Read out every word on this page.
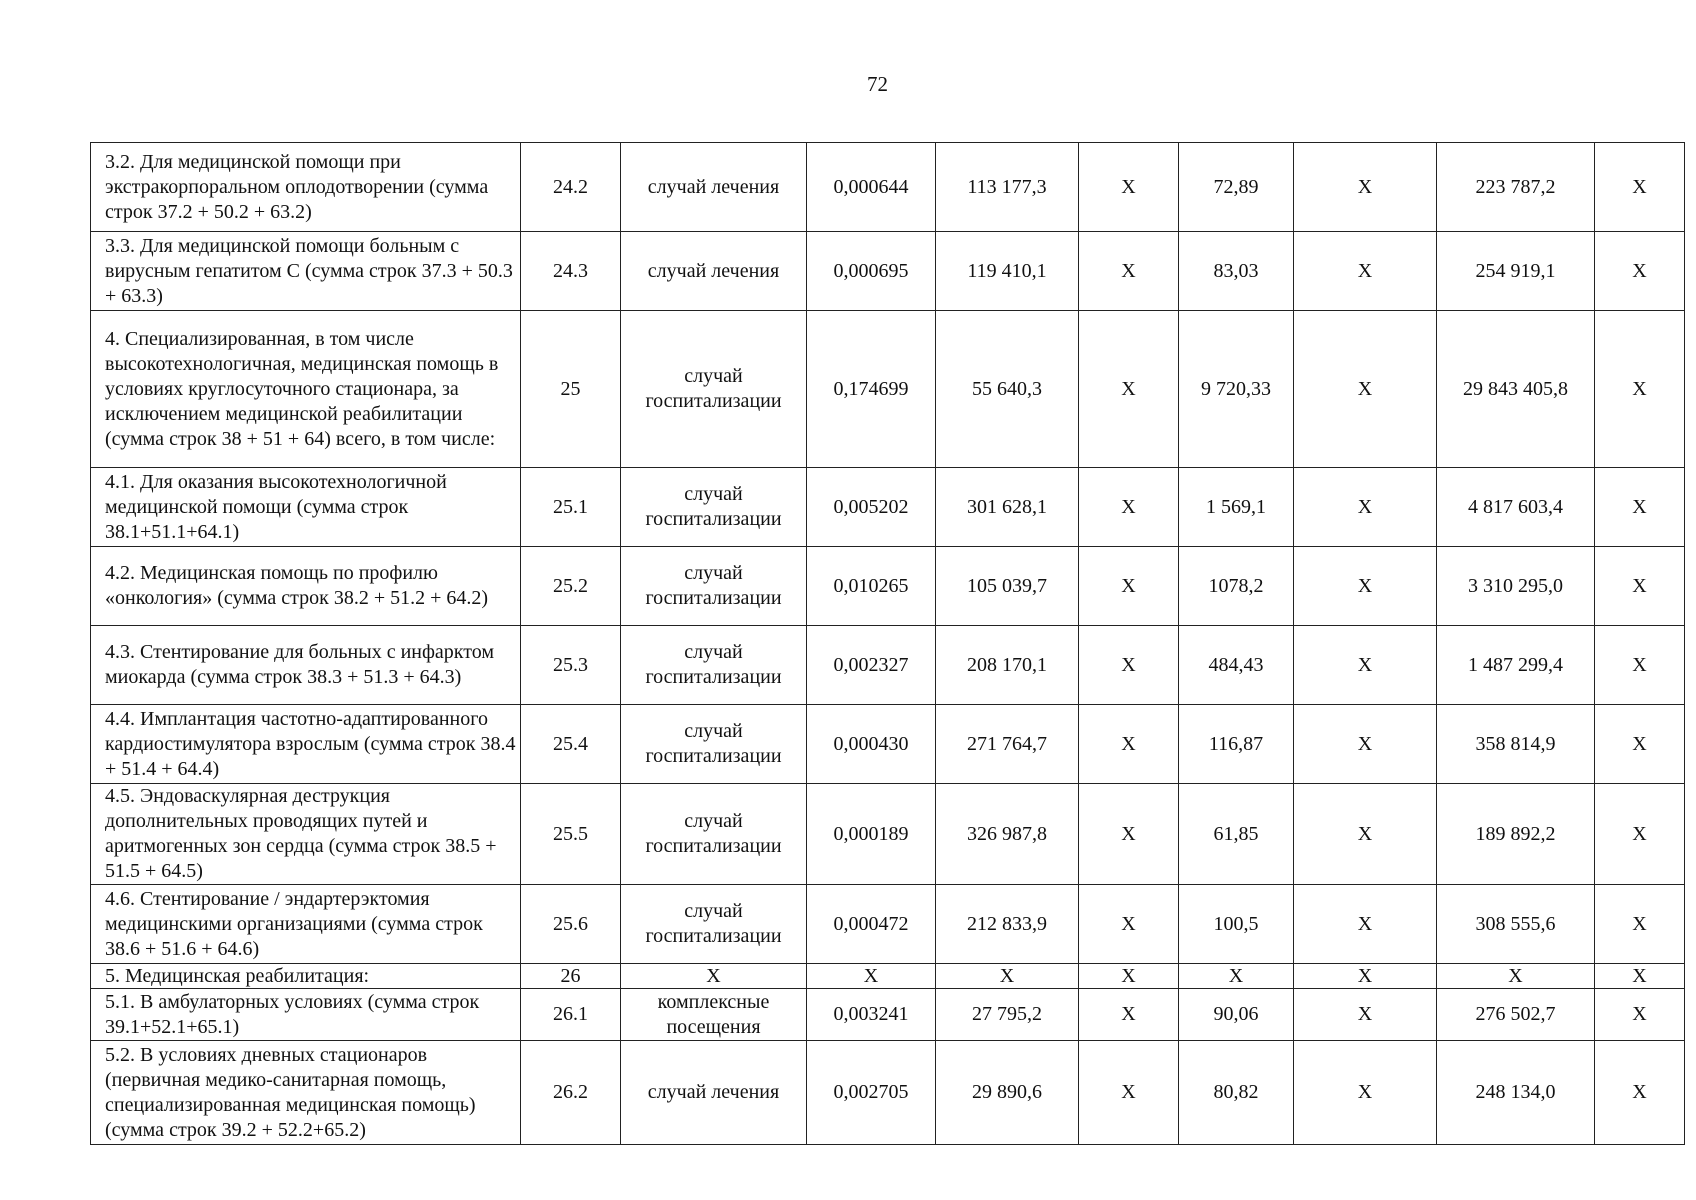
72
3.2. Для медицинской помощи при экстракорпоральном оплодотворении (сумма строк 37.2 + 50.2 + 63.2)	24.2	случай лечения	0,000644	113 177,3	Х	72,89	Х	223 787,2	Х
3.3. Для медицинской помощи больным с вирусным гепатитом С (сумма строк 37.3 + 50.3 + 63.3)	24.3	случай лечения	0,000695	119 410,1	Х	83,03	Х	254 919,1	Х
4. Специализированная, в том числе высокотехнологичная, медицинская помощь в условиях круглосуточного стационара, за исключением медицинской реабилитации (сумма строк 38 + 51 + 64) всего, в том числе:	25	случай госпитализации	0,174699	55 640,3	Х	9 720,33	Х	29 843 405,8	Х
4.1. Для оказания высокотехнологичной медицинской помощи (сумма строк 38.1+51.1+64.1)	25.1	случай госпитализации	0,005202	301 628,1	Х	1 569,1	Х	4 817 603,4	Х
4.2. Медицинская помощь по профилю «онкология» (сумма строк 38.2 + 51.2 + 64.2)	25.2	случай госпитализации	0,010265	105 039,7	Х	1078,2	Х	3 310 295,0	Х
4.3. Стентирование для больных с инфарктом миокарда (сумма строк 38.3 + 51.3 + 64.3)	25.3	случай госпитализации	0,002327	208 170,1	Х	484,43	Х	1 487 299,4	Х
4.4. Имплантация частотно-адаптированного кардиостимулятора взрослым (сумма строк 38.4 + 51.4 + 64.4)	25.4	случай госпитализации	0,000430	271 764,7	Х	116,87	Х	358 814,9	Х
4.5. Эндоваскулярная деструкция дополнительных проводящих путей и аритмогенных зон сердца (сумма строк 38.5 + 51.5 + 64.5)	25.5	случай госпитализации	0,000189	326 987,8	Х	61,85	Х	189 892,2	Х
4.6. Стентирование / эндартерэктомия медицинскими организациями (сумма строк 38.6 + 51.6 + 64.6)	25.6	случай госпитализации	0,000472	212 833,9	Х	100,5	Х	308 555,6	Х
5. Медицинская реабилитация:	26	Х	Х	Х	Х	Х	Х	Х	Х
5.1. В амбулаторных условиях (сумма строк 39.1+52.1+65.1)	26.1	комплексные посещения	0,003241	27 795,2	Х	90,06	Х	276 502,7	Х
5.2. В условиях дневных стационаров (первичная медико-санитарная помощь, специализированная медицинская помощь) (сумма строк 39.2 + 52.2+65.2)	26.2	случай лечения	0,002705	29 890,6	Х	80,82	Х	248 134,0	Х
